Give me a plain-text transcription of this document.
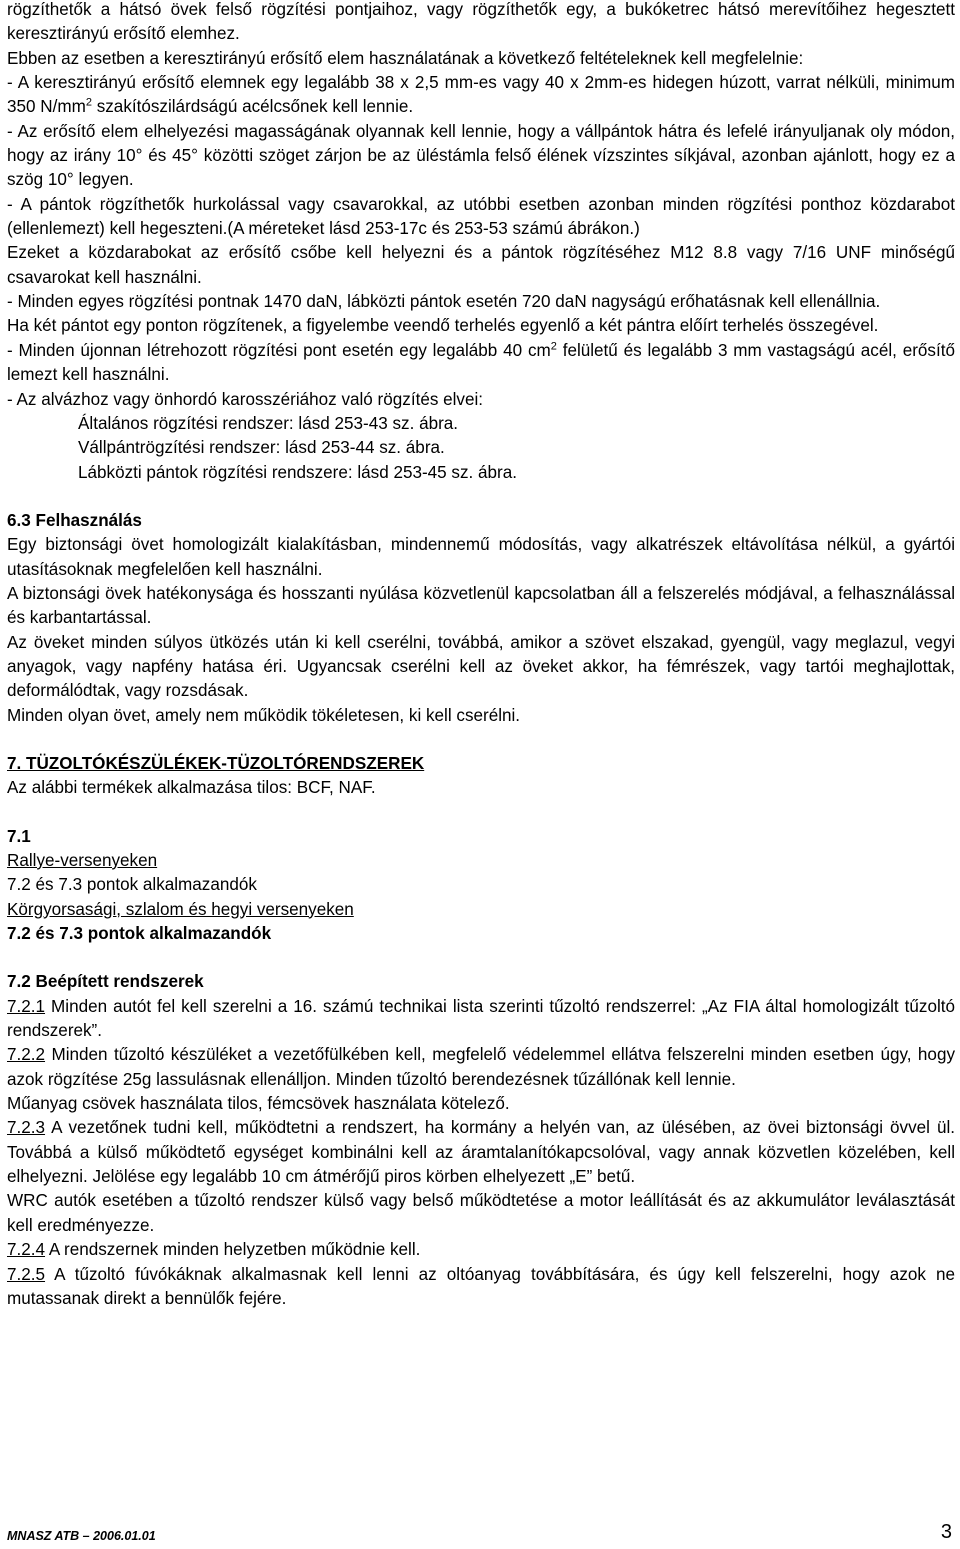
rögzíthetők a hátsó övek felső rögzítési pontjaihoz, vagy rögzíthetők egy, a bukóketrec hátsó merevítőihez hegesztett keresztirányú erősítő elemhez.

Ebben az esetben a keresztirányú erősítő elem használatának a következő feltételeknek kell megfelelnie:

- A keresztirányú erősítő elemnek egy legalább 38 x 2,5 mm-es vagy 40 x 2mm-es hidegen húzott, varrat nélküli, minimum 350 $N/mm^2$ szakítószilárdságú acélcsőnek kell lennie.

- Az erősítő elem elhelyezési magasságának olyannak kell lennie, hogy a vállpántok hátra és lefelé irányuljanak oly módon, hogy az irány 10° és 45° közötti szöget zárjon be az üléstámla felső élének vízszintes síkjával, azonban ajánlott, hogy ez a szög 10° legyen.

- A pántok rögzíthetők hurkolással vagy csavarokkal, az utóbbi esetben azonban minden rögzítési ponthoz közdarabot (ellenlemezt) kell hegeszteni.(A méreteket lásd 253-17c és 253-53 számú ábrákon.)

Ezeket a közdarabokat az erősítő csőbe kell helyezni és a pántok rögzítéséhez M12 8.8 vagy 7/16 UNF minőségű csavarokat kell használni.

- Minden egyes rögzítési pontnak 1470 daN, lábközti pántok esetén 720 daN nagyságú erőhatásnak kell ellenállnia.

Ha két pántot egy ponton rögzítenek, a figyelembe veendő terhelés egyenlő a két pántra előírt terhelés összegével.

- Minden újonnan létrehozott rögzítési pont esetén egy legalább 40 $cm^2$ felületű és legalább 3 mm vastagságú acél, erősítő lemezt kell használni.

- Az alvázhoz vagy önhordó karosszériához való rögzítés elvei:

Általános rögzítési rendszer: lásd 253-43 sz. ábra.

Vállpántrögzítési rendszer: lásd 253-44 sz. ábra.

Lábközti pántok rögzítési rendszere: lásd 253-45 sz. ábra.

6.3 Felhasználás

Egy biztonsági övet homologizált kialakításban, mindennemű módosítás, vagy alkatrészek eltávolítása nélkül, a gyártói utasításoknak megfelelően kell használni.

A biztonsági övek hatékonysága és hosszanti nyúlása közvetlenül kapcsolatban áll a felszerelés módjával, a felhasználással és karbantartással.

Az öveket minden súlyos ütközés után ki kell cserélni, továbbá, amikor a szövet elszakad, gyengül, vagy meglazul, vegyi anyagok, vagy napfény hatása éri. Ugyancsak cserélni kell az öveket akkor, ha fémrészek, vagy tartói meghajlottak, deformálódtak, vagy rozsdásak.

Minden olyan övet, amely nem működik tökéletesen, ki kell cserélni.

7. TÜZOLTÓKÉSZÜLÉKEK-TÜZOLTÓRENDSZEREK

Az alábbi termékek alkalmazása tilos: BCF, NAF.

7.1

Rallye-versenyeken

7.2 és 7.3 pontok alkalmazandók

Körgyorsasági, szlalom és hegyi versenyeken

7.2 és 7.3 pontok alkalmazandók

7.2 Beépített rendszerek

7.2.1 Minden autót fel kell szerelni a 16. számú technikai lista szerinti tűzoltó rendszerrel: „Az FIA által homologizált tűzoltó rendszerek”.

7.2.2 Minden tűzoltó készüléket a vezetőfülkében kell, megfelelő védelemmel ellátva felszerelni minden esetben úgy, hogy azok rögzítése 25g lassulásnak ellenálljon. Minden tűzoltó berendezésnek tűzállónak kell lennie.

Műanyag csövek használata tilos, fémcsövek használata kötelező.

7.2.3 A vezetőnek tudni kell, működtetni a rendszert, ha kormány a helyén van, az ülésében, az övei biztonsági övvel ül. Továbbá a külső működtető egységet kombinálni kell az áramtalanítókapcsolóval, vagy annak közvetlen közelében, kell elhelyezni. Jelölése egy legalább 10 cm átmérőjű piros körben elhelyezett „E” betű.

WRC autók esetében a tűzoltó rendszer külső vagy belső működtetése a motor leállítását és az akkumulátor leválasztását kell eredményezze.

7.2.4 A rendszernek minden helyzetben működnie kell.

7.2.5 A tűzoltó fúvókáknak alkalmasnak kell lenni az oltóanyag továbbítására, és úgy kell felszerelni, hogy azok ne mutassanak direkt a bennülők fejére.

MNASZ ATB – 2006.01.01	3
